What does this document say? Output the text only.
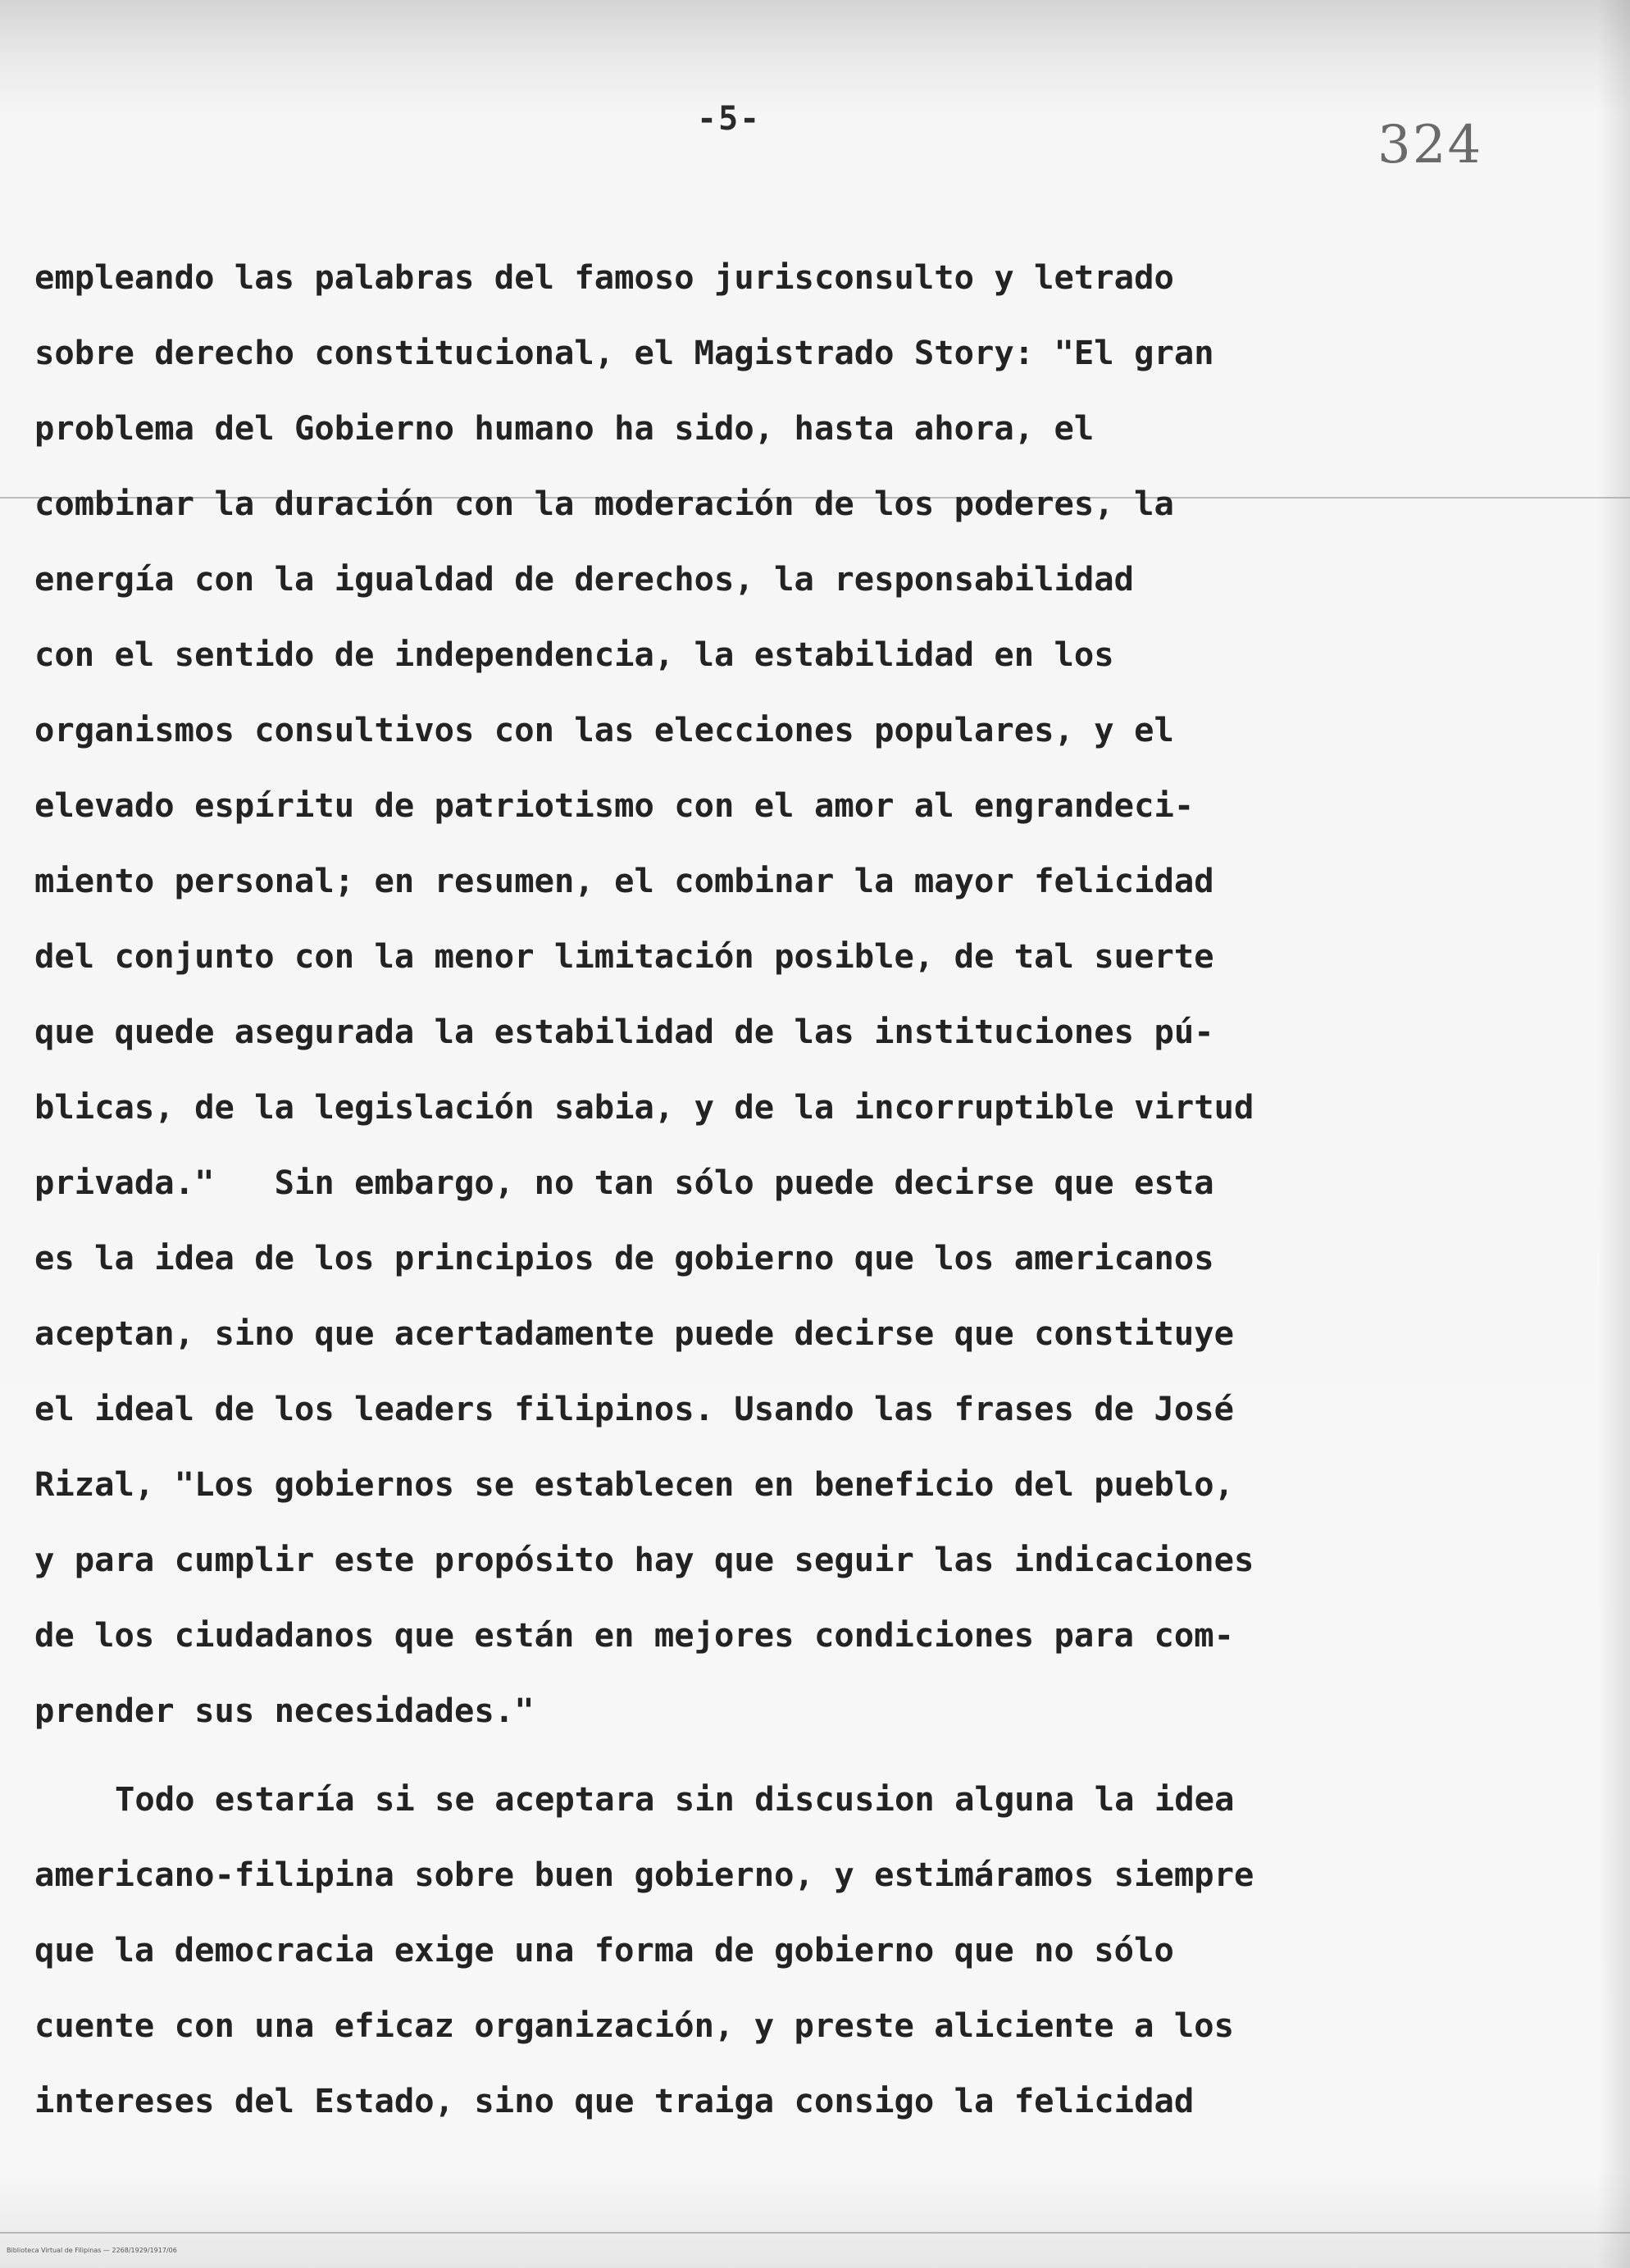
-5-	324
empleando las palabras del famoso jurisconsulto y letrado
sobre derecho constitucional, el Magistrado Story: "El gran
problema del Gobierno humano ha sido, hasta ahora, el
combinar la duración con la moderación de los poderes, la
energía con la igualdad de derechos, la responsabilidad
con el sentido de independencia, la estabilidad en los
organismos consultivos con las elecciones populares, y el
elevado espíritu de patriotismo con el amor al engrandeci-
miento personal; en resumen, el combinar la mayor felicidad
del conjunto con la menor limitación posible, de tal suerte
que quede asegurada la estabilidad de las instituciones pú-
blicas, de la legislación sabia, y de la incorruptible virtud
privada."   Sin embargo, no tan sólo puede decirse que esta
es la idea de los principios de gobierno que los americanos
aceptan, sino que acertadamente puede decirse que constituye
el ideal de los leaders filipinos. Usando las frases de José
Rizal, "Los gobiernos se establecen en beneficio del pueblo,
y para cumplir este propósito hay que seguir las indicaciones
de los ciudadanos que están en mejores condiciones para com-
prender sus necesidades."
Todo estaría si se aceptara sin discusion alguna la idea
americano-filipina sobre buen gobierno, y estimáramos siempre
que la democracia exige una forma de gobierno que no sólo
cuente con una eficaz organización, y preste aliciente a los
intereses del Estado, sino que traiga consigo la felicidad
Biblioteca Virtual de Filipinas — 2268/1929/1917/06
